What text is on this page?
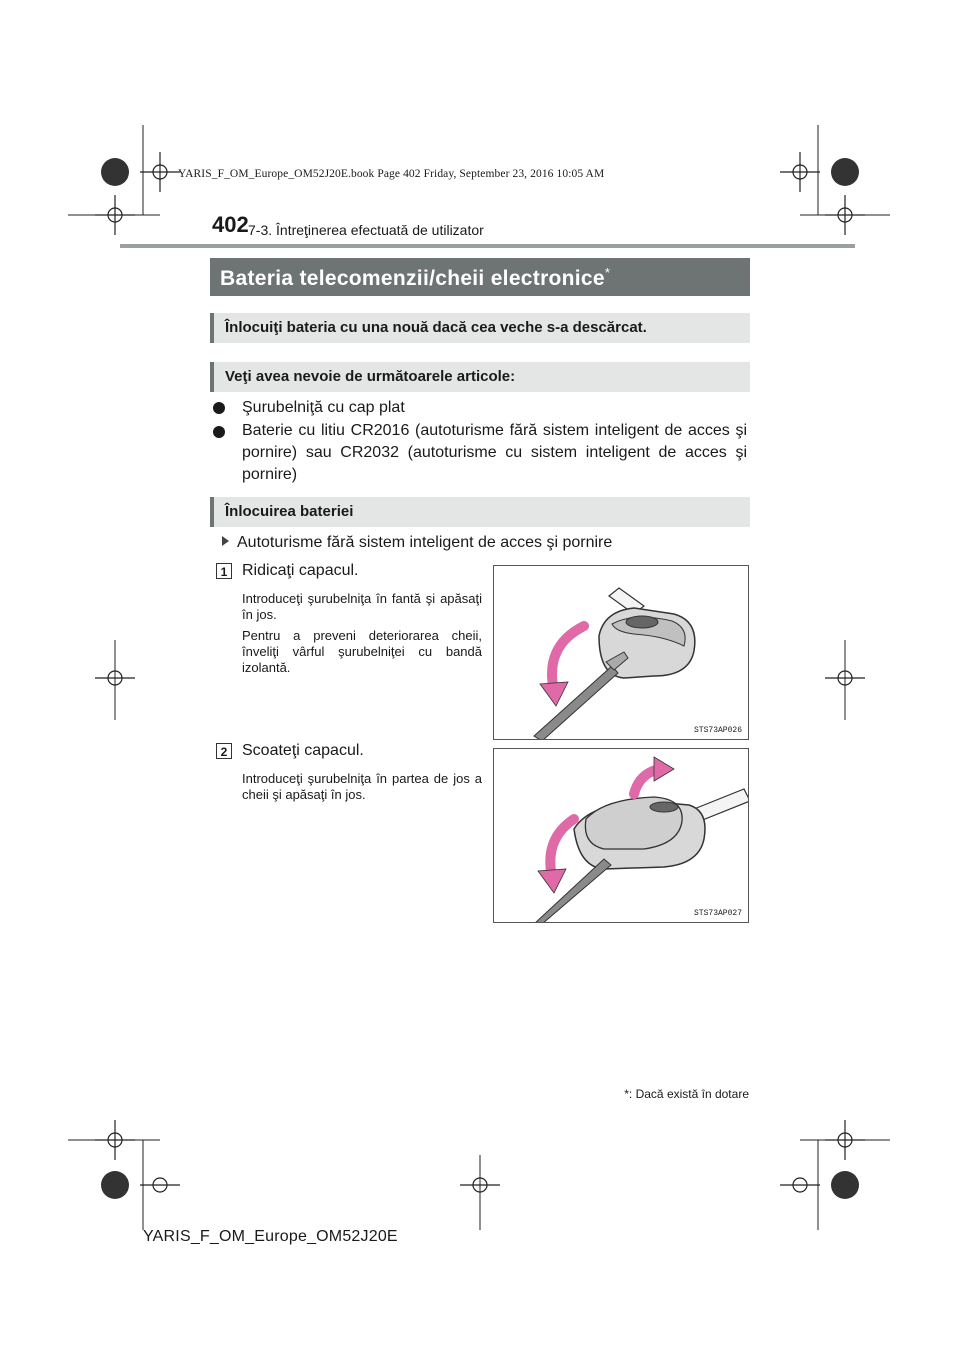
YARIS_F_OM_Europe_OM52J20E.book Page 402 Friday, September 23, 2016 10:05 AM
402 7-3. Întreţinerea efectuată de utilizator
Bateria telecomenzii/cheii electronice*
Înlocuiţi bateria cu una nouă dacă cea veche s-a descărcat.
Veţi avea nevoie de următoarele articole:
Şurubelniţă cu cap plat
Baterie cu litiu CR2016 (autoturisme fără sistem inteligent de acces şi pornire) sau CR2032 (autoturisme cu sistem inteligent de acces şi pornire)
Înlocuirea bateriei
Autoturisme fără sistem inteligent de acces şi pornire
1 Ridicaţi capacul.
Introduceţi şurubelniţa în fantă şi apăsaţi în jos.
Pentru a preveni deteriorarea cheii, înveliţi vârful şurubelniţei cu bandă izolantă.
STS73AP026
2 Scoateţi capacul.
Introduceţi şurubelniţa în partea de jos a cheii şi apăsaţi în jos.
STS73AP027
*: Dacă există în dotare
YARIS_F_OM_Europe_OM52J20E
